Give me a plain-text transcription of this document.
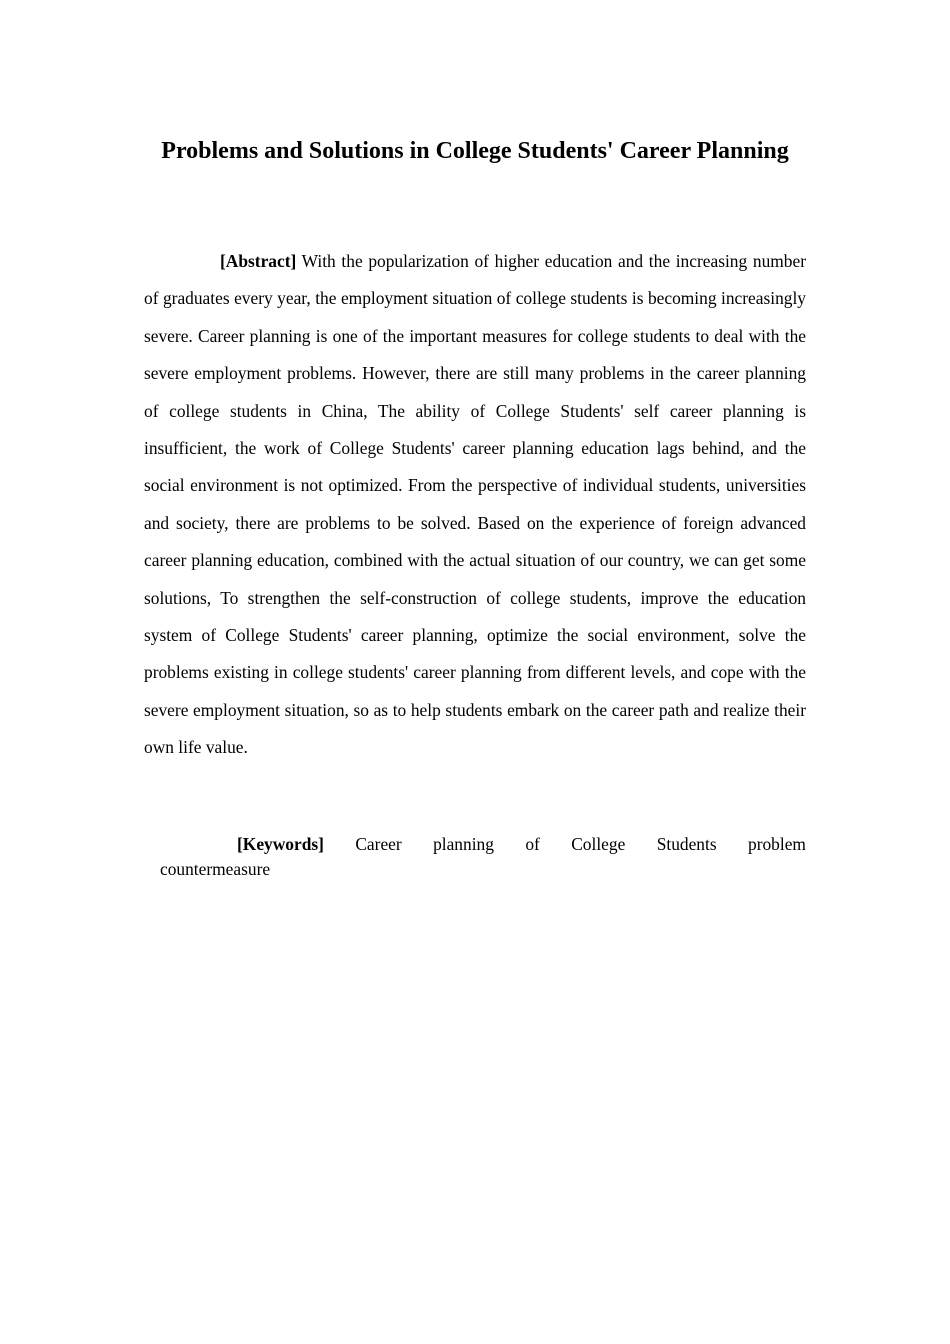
Problems and Solutions in College Students' Career Planning

[Abstract] With the popularization of higher education and the increasing number of graduates every year, the employment situation of college students is becoming increasingly severe. Career planning is one of the important measures for college students to deal with the severe employment problems. However, there are still many problems in the career planning of college students in China, The ability of College Students' self career planning is insufficient, the work of College Students' career planning education lags behind, and the social environment is not optimized. From the perspective of individual students, universities and society, there are problems to be solved. Based on the experience of foreign advanced career planning education, combined with the actual situation of our country, we can get some solutions, To strengthen the self-construction of college students, improve the education system of College Students' career planning, optimize the social environment, solve the problems existing in college students' career planning from different levels, and cope with the severe employment situation, so as to help students embark on the career path and realize their own life value.

[Keywords] Career planning of College Students problem
countermeasure
